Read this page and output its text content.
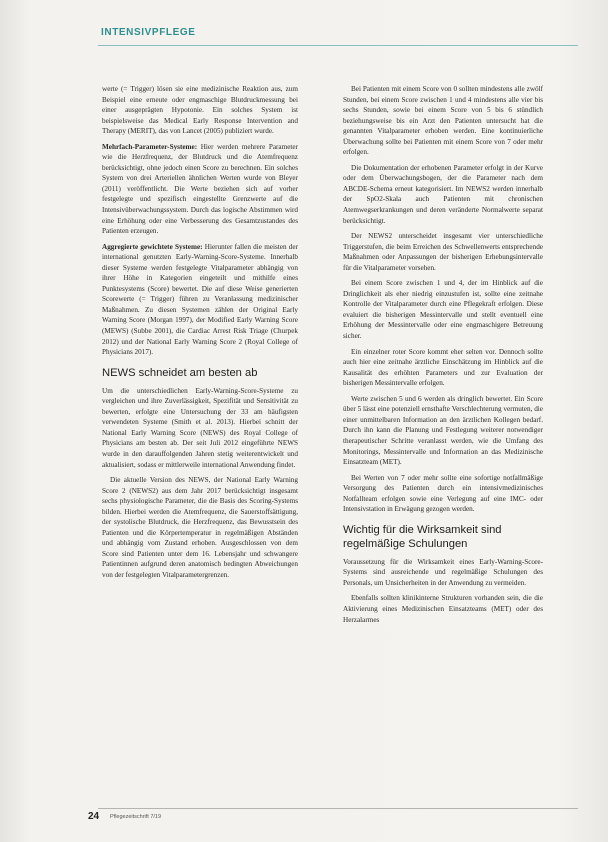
INTENSIVPFLEGE

werte (= Trigger) lösen sie eine medizinische Reaktion aus, zum Beispiel eine erneute oder engmaschige Blutdruckmessung bei einer ausgeprägten Hypotonie. Ein solches System ist beispielsweise das Medical Early Response Intervention and Therapy (MERIT), das von Lancet (2005) publiziert wurde.

Mehrfach-Parameter-Systeme: Hier werden mehrere Parameter wie die Herzfrequenz, der Blutdruck und die Atemfrequenz berücksichtigt, ohne jedoch einen Score zu berechnen. Ein solches System von drei Arteriellen ähnlichen Werten wurde von Bleyer (2011) veröffentlicht. Die Werte beziehen sich auf vorher festgelegte und spezifisch eingestellte Grenzwerte auf die Intensivüberwachungssystem. Durch das logische Abstimmen wird eine Erhöhung oder eine Verbesserung des Gesamtzustandes des Patienten erzeugen.

Aggregierte gewichtete Systeme: Hierunter fallen die meisten der international genutzten Early-Warning-Score-Systeme. Innerhalb dieser Systeme werden festgelegte Vitalparameter abhängig von ihrer Höhe in Kategorien eingeteilt und mithilfe eines Punktesystems (Score) bewertet. Die auf diese Weise generierten Scorewerte (= Trigger) führen zu Veranlassung medizinischer Maßnahmen. Zu diesen Systemen zählen der Original Early Warning Score (Morgan 1997), der Modified Early Warning Score (MEWS) (Subbe 2001), die Cardiac Arrest Risk Triage (Churpek 2012) und der National Early Warning Score 2 (Royal College of Physicians 2017).

NEWS schneidet am besten ab

Um die unterschiedlichen Early-Warning-Score-Systeme zu vergleichen und ihre Zuverlässigkeit, Spezifität und Sensitivität zu bewerten, erfolgte eine Untersuchung der 33 am häufigsten verwendeten Systeme (Smith et al. 2013). Hierbei schnitt der National Early Warning Score (NEWS) des Royal College of Physicians am besten ab. Der seit Juli 2012 eingeführte NEWS wurde in den darauffolgenden Jahren stetig weiterentwickelt und aktualisiert, sodass er mittlerweile international Anwendung findet.

Die aktuelle Version des NEWS, der National Early Warning Score 2 (NEWS2) aus dem Jahr 2017 berücksichtigt insgesamt sechs physiologische Parameter, die die Basis des Scoring-Systems bilden. Hierbei werden die Atemfrequenz, die Sauerstoffsättigung, der systolische Blutdruck, die Herzfrequenz, das Bewusstsein des Patienten und die Körpertemperatur in regelmäßigen Abständen und abhängig vom Zustand erhoben. Ausgeschlossen von dem Score sind Patienten unter dem 16. Lebensjahr und schwangere Patientinnen aufgrund deren anatomisch bedingten Abweichungen von der festgelegten Vitalparametergrenzen.

Bei Patienten mit einem Score von 0 sollten mindestens alle zwölf Stunden, bei einem Score zwischen 1 und 4 mindestens alle vier bis sechs Stunden, sowie bei einem Score von 5 bis 6 stündlich beziehungsweise bis ein Arzt den Patienten untersucht hat die genannten Vitalparameter erhoben werden. Eine kontinuierliche Überwachung sollte bei Patienten mit einem Score von 7 oder mehr erfolgen.

Die Dokumentation der erhobenen Parameter erfolgt in der Kurve oder dem Überwachungsbogen, der die Parameter nach dem ABCDE-Schema erneut kategorisiert. Im NEWS2 werden innerhalb der SpO2-Skala auch Patienten mit chronischen Atemwegserkrankungen und deren veränderte Normalwerte separat berücksichtigt.

Der NEWS2 unterscheidet insgesamt vier unterschiedliche Triggerstufen, die beim Erreichen des Schwellenwerts entsprechende Maßnahmen oder Anpassungen der bisherigen Erhebungsintervalle für die Vitalparameter vorsehen.

Bei einem Score zwischen 1 und 4, der im Hinblick auf die Dringlichkeit als eher niedrig einzustufen ist, sollte eine zeitnahe Kontrolle der Vitalparameter durch eine Pflegekraft erfolgen. Diese evaluiert die bisherigen Messintervalle und stellt eventuell eine Erhöhung der Messintervalle oder eine engmaschigere Betreuung sicher.

Ein einzelner roter Score kommt eher selten vor. Dennoch sollte auch hier eine zeitnahe ärztliche Einschätzung im Hinblick auf die Kausalität des erhöhten Parameters und zur Evaluation der bisherigen Messintervalle erfolgen.

Werte zwischen 5 und 6 werden als dringlich bewertet. Ein Score über 5 lässt eine potenziell ernsthafte Verschlechterung vermuten, die einer unmittelbaren Information an den ärztlichen Kollegen bedarf. Durch ihn kann die Planung und Festlegung weiterer notwendiger therapeutischer Schritte veranlasst werden, wie die Umfang des Monitorings, Messintervalle und Information an das Medizinische Einsatzteam (MET).

Bei Werten von 7 oder mehr sollte eine sofortige notfallmäßige Versorgung des Patienten durch ein intensivmedizinisches Notfallteam erfolgen sowie eine Verlegung auf eine IMC- oder Intensivstation in Erwägung gezogen werden.

Wichtig für die Wirksamkeit sind regelmäßige Schulungen

Voraussetzung für die Wirksamkeit eines Early-Warning-Score-Systems sind ausreichende und regelmäßige Schulungen des Personals, um Unsicherheiten in der Anwendung zu vermeiden.

Ebenfalls sollten klinikinterne Strukturen vorhanden sein, die die Aktivierung eines Medizinischen Einsatzteams (MET) oder des Herzalarmes

24 Pflegezeitschrift 7/19
